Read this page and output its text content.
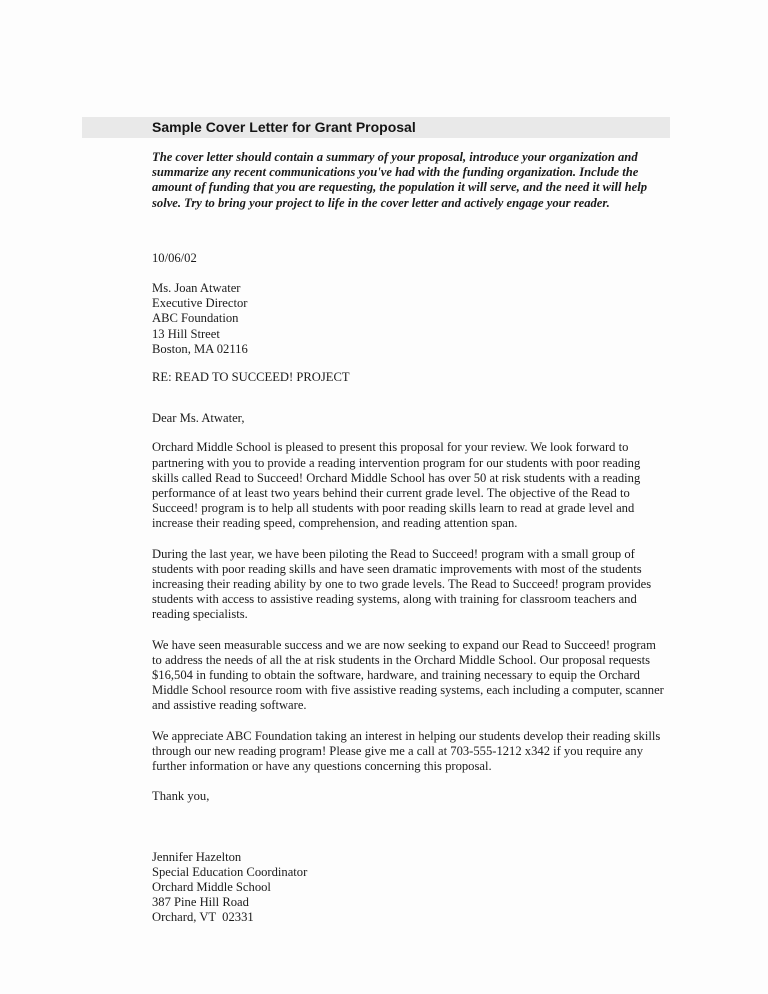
Sample Cover Letter for Grant Proposal

The cover letter should contain a summary of your proposal, introduce your organization and summarize any recent communications you've had with the funding organization. Include the amount of funding that you are requesting, the population it will serve, and the need it will help solve. Try to bring your project to life in the cover letter and actively engage your reader.

10/06/02
Ms. Joan Atwater
Executive Director
ABC Foundation
13 Hill Street
Boston, MA 02116
RE: READ TO SUCCEED! PROJECT
Dear Ms. Atwater,

Orchard Middle School is pleased to present this proposal for your review. We look forward to partnering with you to provide a reading intervention program for our students with poor reading skills called Read to Succeed! Orchard Middle School has over 50 at risk students with a reading performance of at least two years behind their current grade level. The objective of the Read to Succeed! program is to help all students with poor reading skills learn to read at grade level and increase their reading speed, comprehension, and reading attention span.

During the last year, we have been piloting the Read to Succeed! program with a small group of students with poor reading skills and have seen dramatic improvements with most of the students increasing their reading ability by one to two grade levels. The Read to Succeed! program provides students with access to assistive reading systems, along with training for classroom teachers and reading specialists.

We have seen measurable success and we are now seeking to expand our Read to Succeed! program to address the needs of all the at risk students in the Orchard Middle School. Our proposal requests $16,504 in funding to obtain the software, hardware, and training necessary to equip the Orchard Middle School resource room with five assistive reading systems, each including a computer, scanner and assistive reading software.

We appreciate ABC Foundation taking an interest in helping our students develop their reading skills through our new reading program! Please give me a call at 703-555-1212 x342 if you require any further information or have any questions concerning this proposal.

Thank you,
Jennifer Hazelton
Special Education Coordinator
Orchard Middle School
387 Pine Hill Road
Orchard, VT  02331
